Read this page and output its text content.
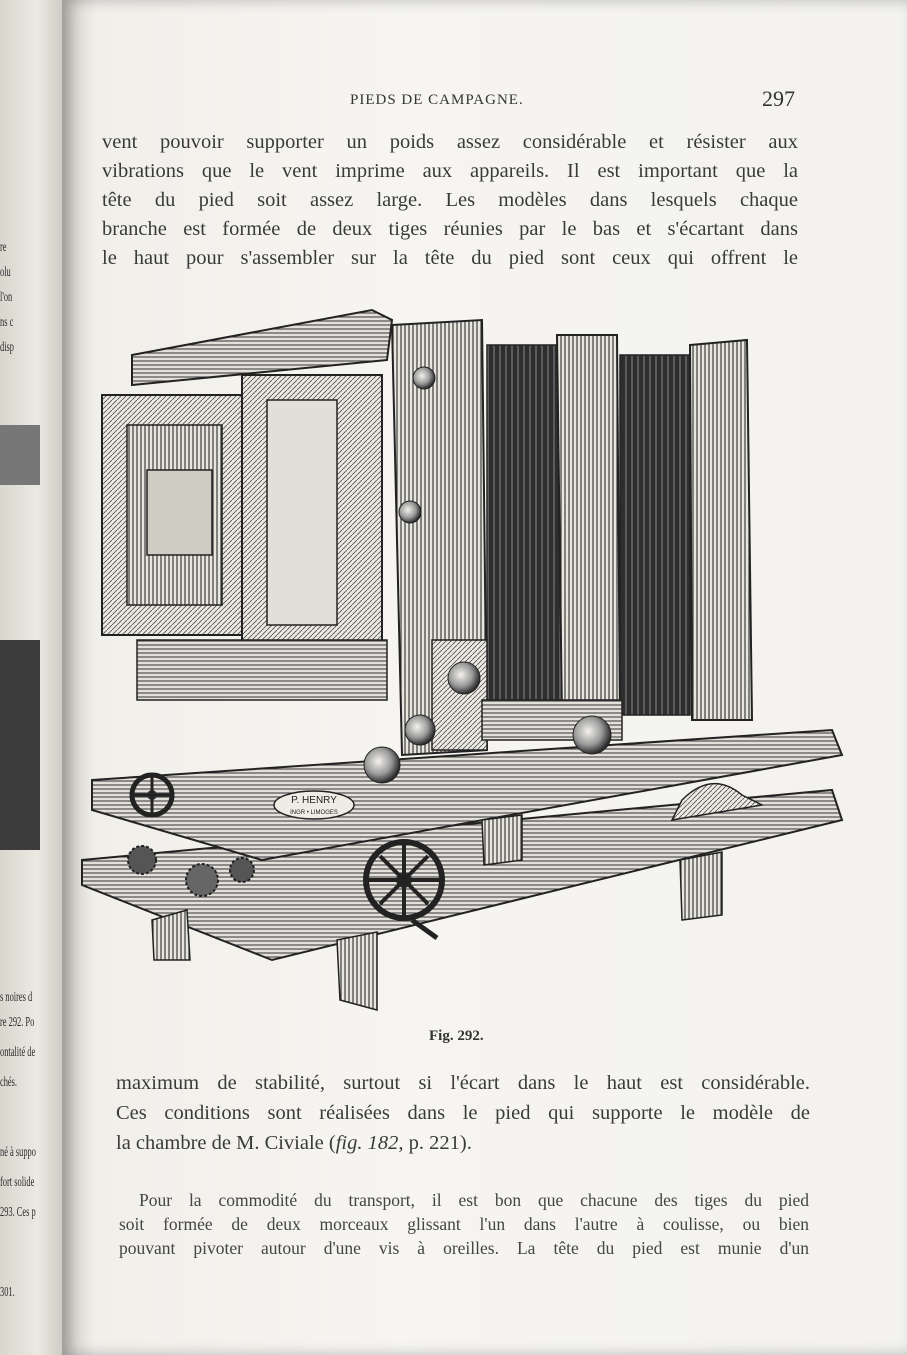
re
olu
l'on
ns c
disp
s noires d
re 292. Po
ontalité de
chés.
né à suppo
fort solide
293. Ces p
301.
PIEDS DE CAMPAGNE.	297
vent pouvoir supporter un poids assez considérable et résister aux
vibrations que le vent imprime aux appareils. Il est important que la
tête du pied soit assez large. Les modèles dans lesquels chaque
branche est formée de deux tiges réunies par le bas et s'écartant dans
le haut pour s'assembler sur la tête du pied sont ceux qui offrent le
P. HENRY
INGR • LIMOGES
Fig. 292.
maximum de stabilité, surtout si l'écart dans le haut est considérable.
Ces conditions sont réalisées dans le pied qui supporte le modèle de
la chambre de M. Civiale (fig. 182, p. 221).
Pour la commodité du transport, il est bon que chacune des tiges du pied
soit formée de deux morceaux glissant l'un dans l'autre à coulisse, ou bien
pouvant pivoter autour d'une vis à oreilles. La tête du pied est munie d'un
